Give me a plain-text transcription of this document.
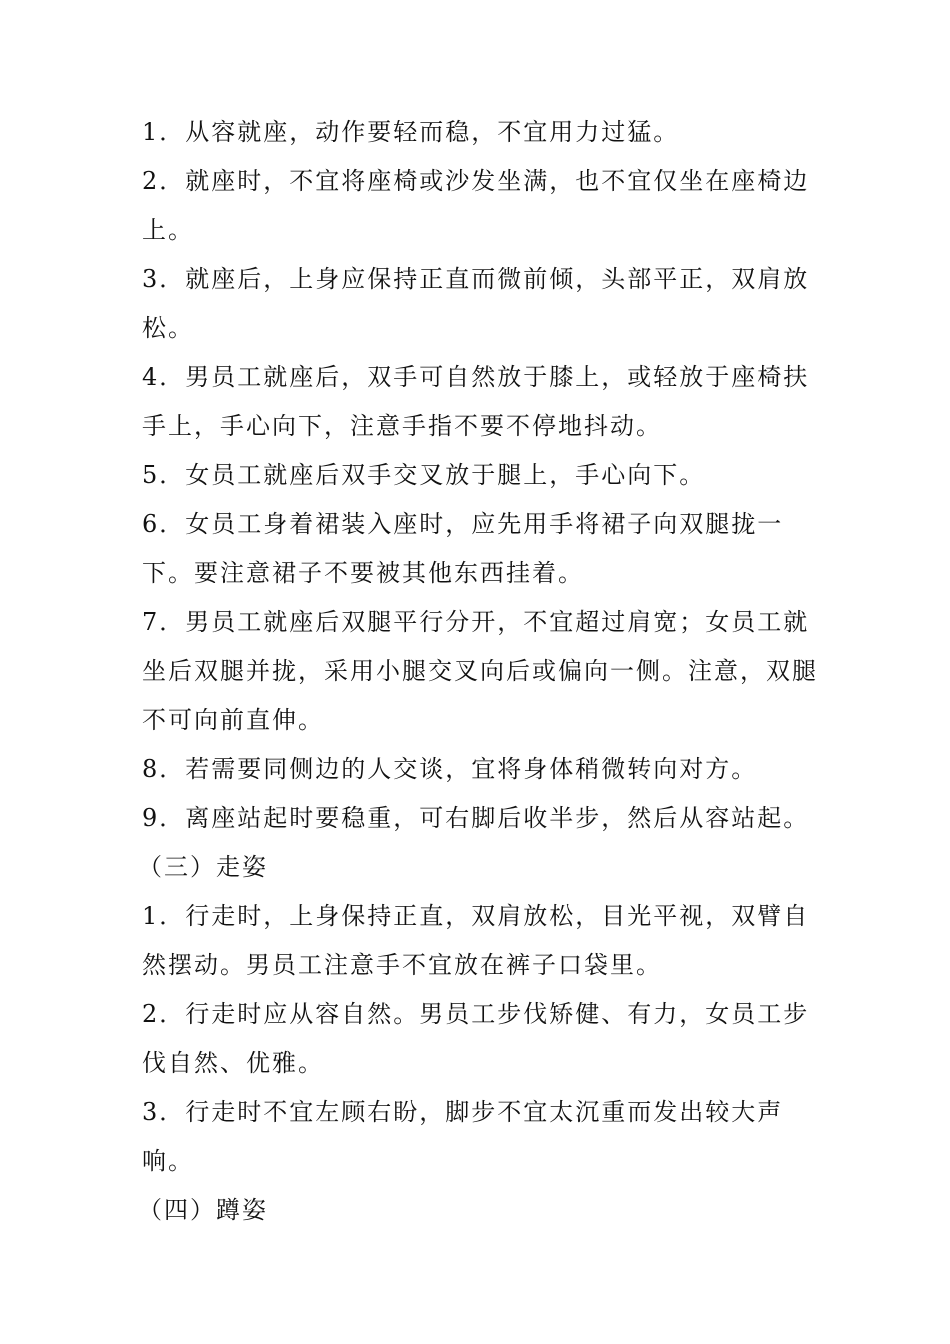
1．从容就座，动作要轻而稳，不宜用力过猛。

2．就座时，不宜将座椅或沙发坐满，也不宜仅坐在座椅边上。

3．就座后，上身应保持正直而微前倾，头部平正，双肩放松。

4．男员工就座后，双手可自然放于膝上，或轻放于座椅扶手上，手心向下，注意手指不要不停地抖动。

5．女员工就座后双手交叉放于腿上，手心向下。

6．女员工身着裙装入座时，应先用手将裙子向双腿拢一下。要注意裙子不要被其他东西挂着。

7．男员工就座后双腿平行分开，不宜超过肩宽；女员工就坐后双腿并拢，采用小腿交叉向后或偏向一侧。注意，双腿不可向前直伸。

8．若需要同侧边的人交谈，宜将身体稍微转向对方。

9．离座站起时要稳重，可右脚后收半步，然后从容站起。

（三）走姿

1．行走时，上身保持正直，双肩放松，目光平视，双臂自然摆动。男员工注意手不宜放在裤子口袋里。

2．行走时应从容自然。男员工步伐矫健、有力，女员工步伐自然、优雅。

3．行走时不宜左顾右盼，脚步不宜太沉重而发出较大声响。

（四）蹲姿
